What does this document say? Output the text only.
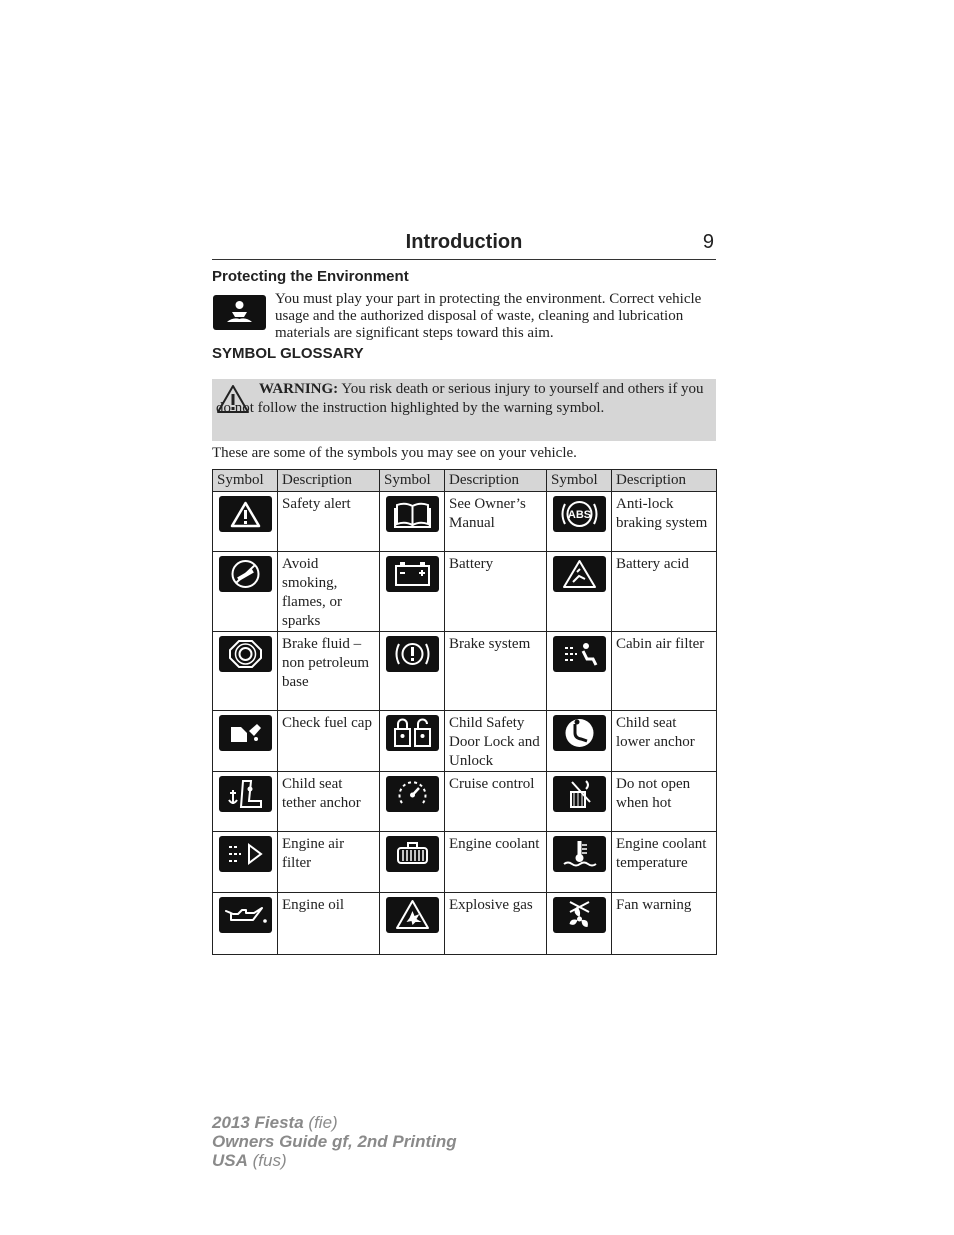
Introduction	9
Protecting the Environment
You must play your part in protecting the environment. Correct vehicle usage and the authorized disposal of waste, cleaning and lubrication materials are significant steps toward this aim.
SYMBOL GLOSSARY
WARNING: You risk death or serious injury to yourself and others if you do not follow the instruction highlighted by the warning symbol.
These are some of the symbols you may see on your vehicle.
Symbol	Description	Symbol	Description	Symbol	Description

	Safety alert		See Owner’s Manual	ABS	Anti-lock braking system

	Avoid smoking, flames, or sparks		Battery		Battery acid

	Brake fluid – non petroleum base		Brake system		Cabin air filter

	Check fuel cap		Child Safety Door Lock and Unlock		Child seat lower anchor

	Child seat tether anchor		Cruise control		Do not open when hot

	Engine air filter		Engine coolant		Engine coolant temperature

	Engine oil		Explosive gas		Fan warning
2013 Fiesta (fie)
Owners Guide gf, 2nd Printing
USA (fus)
